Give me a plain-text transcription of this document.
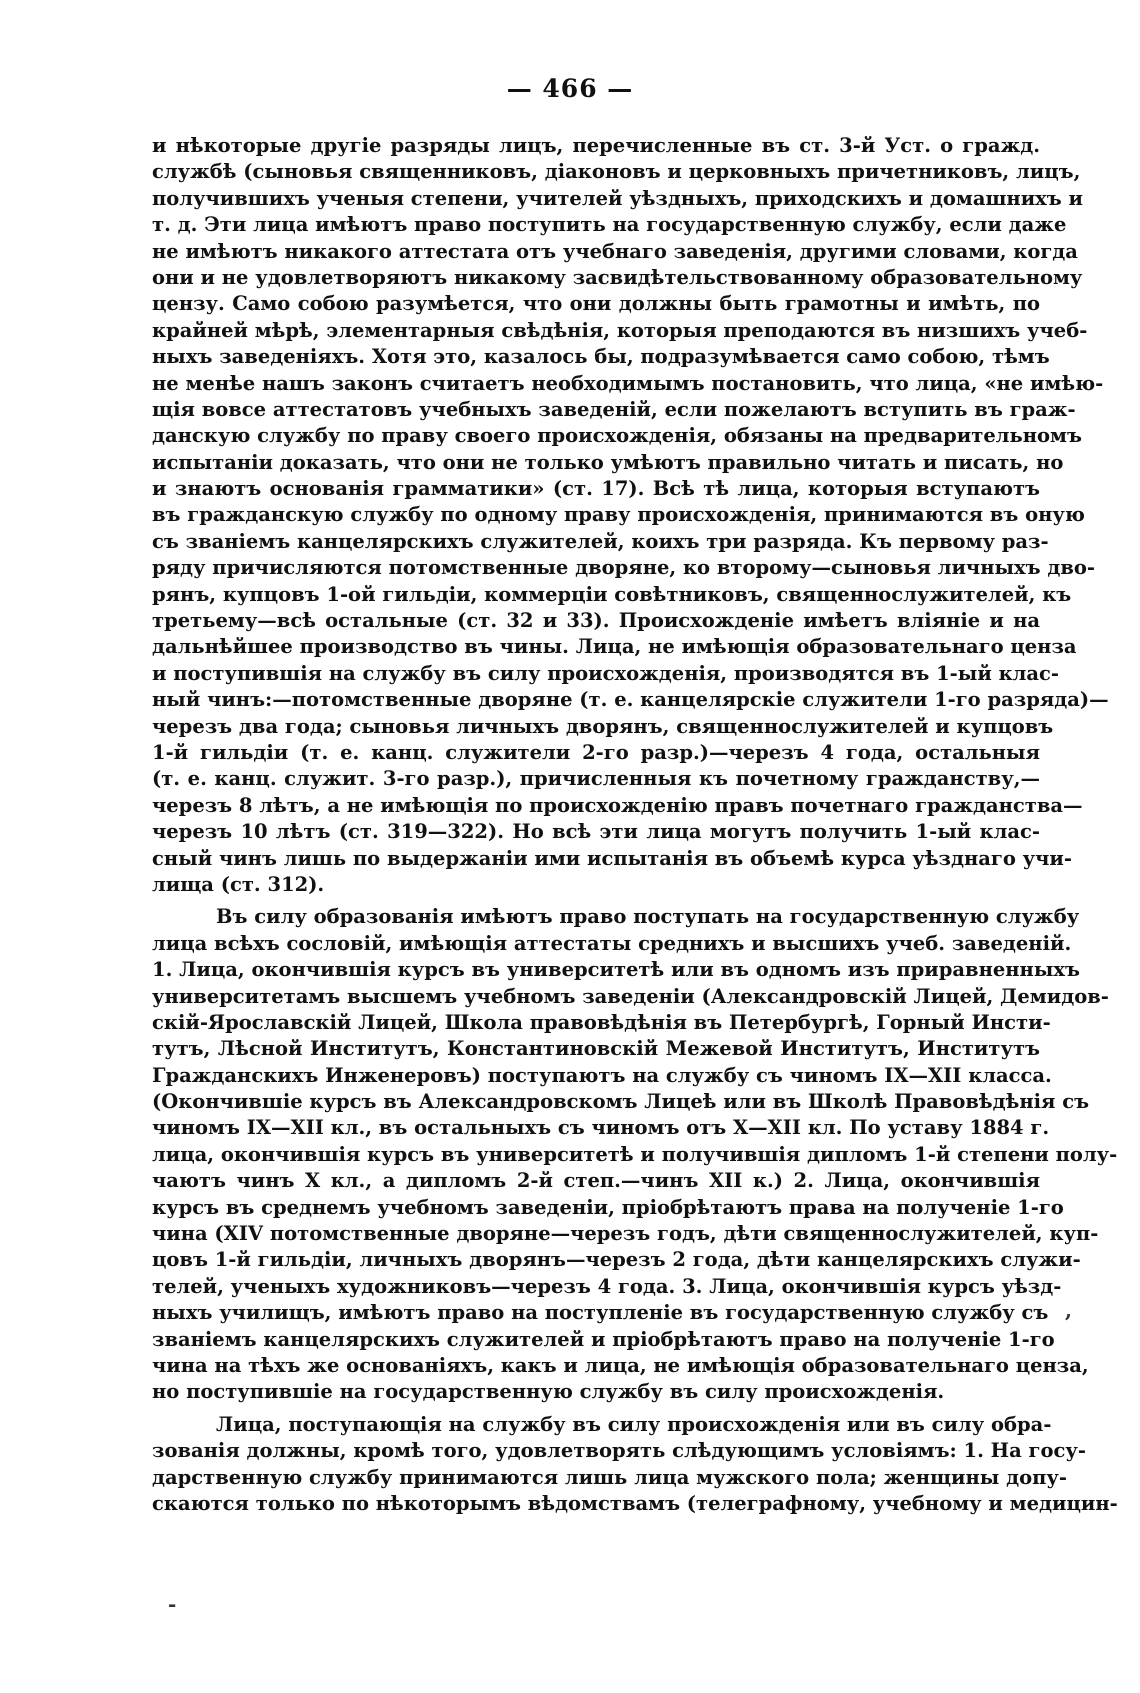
— 466 —
и нѣкоторые другіе разряды лицъ, перечисленные въ ст. 3-й Уст. о гражд.
службѣ (сыновья священниковъ, діаконовъ и церковныхъ причетниковъ, лицъ,
получившихъ ученыя степени, учителей уѣздныхъ, приходскихъ и домашнихъ и
т. д. Эти лица имѣютъ право поступить на государственную службу, если даже
не имѣютъ никакого аттестата отъ учебнаго заведенія, другими словами, когда
они и не удовлетворяютъ никакому засвидѣтельствованному образовательному
цензу. Само собою разумѣется, что они должны быть грамотны и имѣть, по
крайней мѣрѣ, элементарныя свѣдѣнія, которыя преподаются въ низшихъ учеб-
ныхъ заведеніяхъ. Хотя это, казалось бы, подразумѣвается само собою, тѣмъ
не менѣе нашъ законъ считаетъ необходимымъ постановить, что лица, «не имѣю-
щія вовсе аттестатовъ учебныхъ заведеній, если пожелаютъ вступить въ граж-
данскую службу по праву своего происхожденія, обязаны на предварительномъ
испытаніи доказать, что они не только умѣютъ правильно читать и писать, но
и знаютъ основанія грамматики» (ст. 17). Всѣ тѣ лица, которыя вступаютъ
въ гражданскую службу по одному праву происхожденія, принимаются въ оную
съ званіемъ канцелярскихъ служителей, коихъ три разряда. Къ первому раз-
ряду причисляются потомственные дворяне, ко второму—сыновья личныхъ дво-
рянъ, купцовъ 1-ой гильдіи, коммерціи совѣтниковъ, священнослужителей, къ
третьему—всѣ остальные (ст. 32 и 33). Происхожденіе имѣетъ вліяніе и на
дальнѣйшее производство въ чины. Лица, не имѣющія образовательнаго ценза
и поступившія на службу въ силу происхожденія, производятся въ 1-ый клас-
ный чинъ:—потомственные дворяне (т. е. канцелярскіе служители 1-го разряда)—
черезъ два года; сыновья личныхъ дворянъ, священнослужителей и купцовъ
1-й гильдіи (т. е. канц. служители 2-го разр.)—черезъ 4 года, остальныя
(т. е. канц. служит. 3-го разр.), причисленныя къ почетному гражданству,—
черезъ 8 лѣтъ, а не имѣющія по происхожденію правъ почетнаго гражданства—
черезъ 10 лѣтъ (ст. 319—322). Но всѣ эти лица могутъ получить 1-ый клас-
сный чинъ лишь по выдержаніи ими испытанія въ объемѣ курса уѣзднаго учи-
лища (ст. 312).
Въ силу образованія имѣютъ право поступать на государственную службу
лица всѣхъ сословій, имѣющія аттестаты среднихъ и высшихъ учеб. заведеній.
1. Лица, окончившія курсъ въ университетѣ или въ одномъ изъ приравненныхъ
университетамъ высшемъ учебномъ заведеніи (Александровскій Лицей, Демидов-
скій-Ярославскій Лицей, Школа правовѣдѣнія въ Петербургѣ, Горный Инсти-
тутъ, Лѣсной Институтъ, Константиновскій Межевой Институтъ, Институтъ
Гражданскихъ Инженеровъ) поступаютъ на службу съ чиномъ IX—XII класса.
(Окончившіе курсъ въ Александровскомъ Лицеѣ или въ Школѣ Правовѣдѣнія съ
чиномъ IX—XII кл., въ остальныхъ съ чиномъ отъ X—XII кл. По уставу 1884 г.
лица, окончившія курсъ въ университетѣ и получившія дипломъ 1-й степени полу-
чаютъ чинъ X кл., а дипломъ 2-й степ.—чинъ XII к.) 2. Лица, окончившія
курсъ въ среднемъ учебномъ заведеніи, пріобрѣтаютъ права на полученіе 1-го
чина (XIV потомственные дворяне—черезъ годъ, дѣти священнослужителей, куп-
цовъ 1-й гильдіи, личныхъ дворянъ—черезъ 2 года, дѣти канцелярскихъ служи-
телей, ученыхъ художниковъ—черезъ 4 года. 3. Лица, окончившія курсъ уѣзд-
ныхъ училищъ, имѣютъ право на поступленіе въ государственную службу съ
званіемъ канцелярскихъ служителей и пріобрѣтаютъ право на полученіе 1-го
чина на тѣхъ же основаніяхъ, какъ и лица, не имѣющія образовательнаго ценза,
но поступившіе на государственную службу въ силу происхожденія.
Лица, поступающія на службу въ силу происхожденія или въ силу обра-
зованія должны, кромѣ того, удовлетворять слѣдующимъ условіямъ: 1. На госу-
дарственную службу принимаются лишь лица мужского пола; женщины допу-
скаются только по нѣкоторымъ вѣдомствамъ (телеграфному, учебному и медицин-
,
-
